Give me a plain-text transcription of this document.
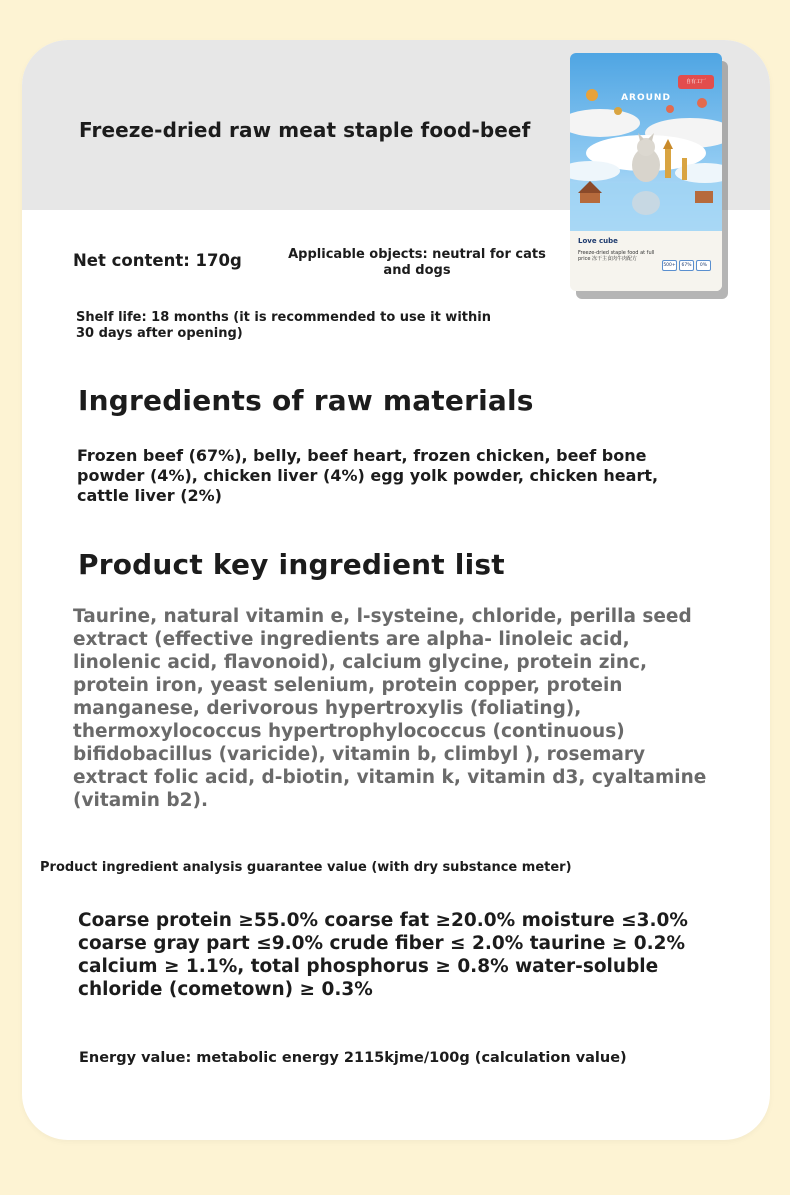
Freeze-dried raw meat staple food-beef
自有工厂
AROUND
Love cube
Freeze-dried staple food at full price 冻干主食肉牛肉配方
500+ 67% 0%
Net content: 170g	Applicable objects: neutral for cats and dogs
Shelf life: 18 months (it is recommended to use it within 30 days after opening)
Ingredients of raw materials
Frozen beef (67%), belly, beef heart, frozen chicken, beef bone powder (4%), chicken liver (4%) egg yolk powder, chicken heart, cattle liver (2%)
Product key ingredient list
Taurine, natural vitamin e, l-systeine, chloride, perilla seed extract (effective ingredients are alpha- linoleic acid, linolenic acid, flavonoid), calcium glycine, protein zinc, protein iron, yeast selenium, protein copper, protein manganese, derivorous hypertroxylis (foliating), thermoxylococcus hypertrophylococcus (continuous) bifidobacillus (varicide), vitamin b, climbyl ), rosemary extract folic acid, d-biotin, vitamin k, vitamin d3, cyaltamine (vitamin b2).
Product ingredient analysis guarantee value (with dry substance meter)
Coarse protein ≥55.0% coarse fat ≥20.0% moisture ≤3.0% coarse gray part ≤9.0% crude fiber ≤ 2.0% taurine ≥ 0.2% calcium ≥ 1.1%, total phosphorus ≥ 0.8% water-soluble chloride (cometown) ≥ 0.3%
Energy value: metabolic energy 2115kjme/100g (calculation value)
